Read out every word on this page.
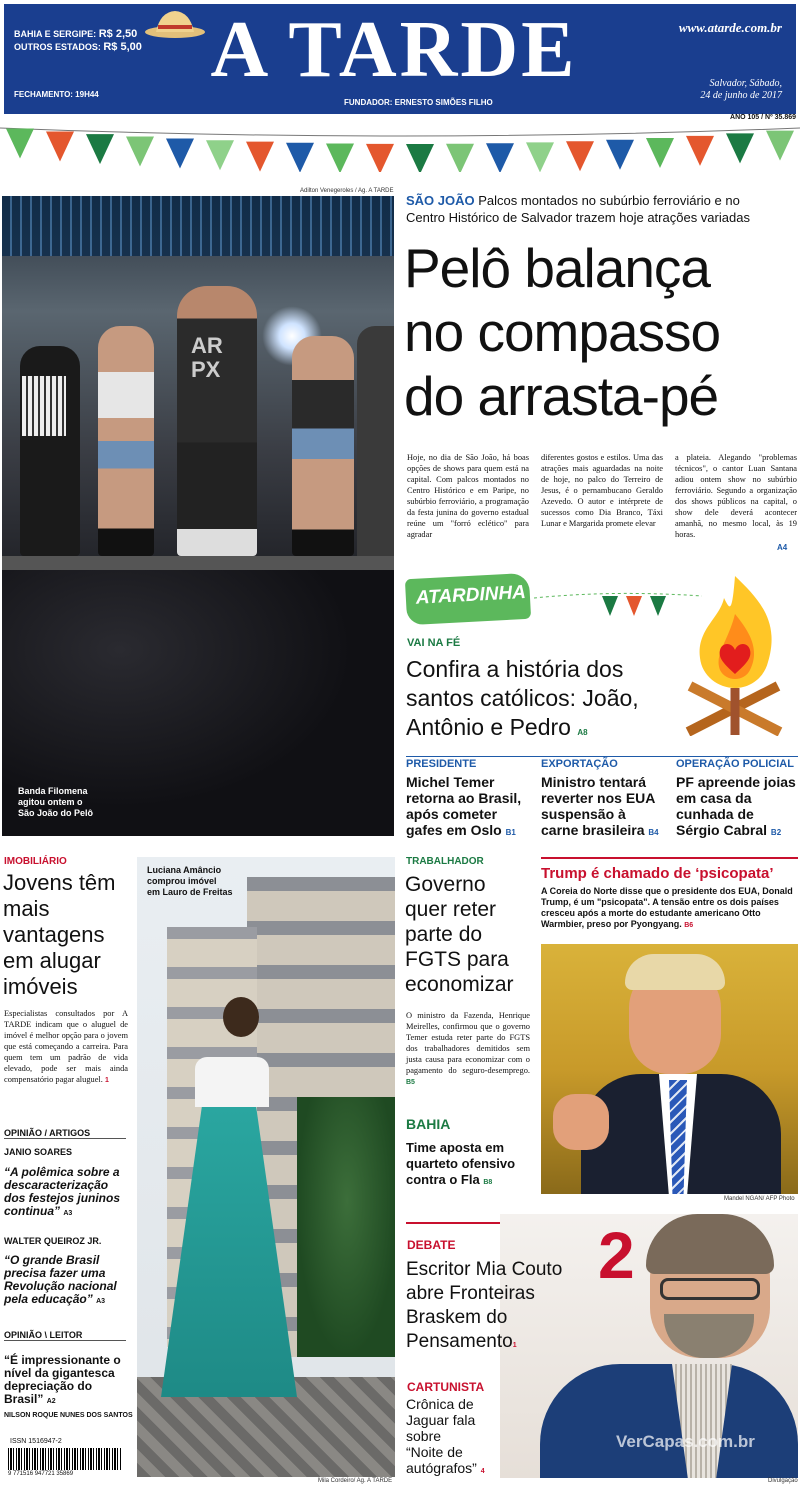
BAHIA E SERGIPE: R$ 2,50
OUTROS ESTADOS: R$ 5,00 A TARDE	www.atarde.com.br
FECHAMENTO: 19H44
FUNDADOR: ERNESTO SIMÕES FILHO
Salvador, Sábado,
24 de junho de 2017
ANO 105 / Nº 35.869
Adilton Venegeroles / Ag. A TARDE
AR
PX
Banda Filomena
agitou ontem o
São João do Pelô
SÃO JOÃO Palcos montados no subúrbio ferroviário e no
Centro Histórico de Salvador trazem hoje atrações variadas
Pelô balança
no compasso
do arrasta-pé
Hoje, no dia de São João, há boas opções de shows para quem está na capital. Com palcos montados no Centro Histórico e em Paripe, no subúrbio ferroviário, a programação da festa junina do governo estadual reúne um "forró eclético" para agradar
diferentes gostos e estilos. Uma das atrações mais aguardadas na noite de hoje, no palco do Terreiro de Jesus, é o pernambucano Geraldo Azevedo. O autor e intérprete de sucessos como Dia Branco, Táxi Lunar e Margarida promete elevar
a plateia. Alegando "problemas técnicos", o cantor Luan Santana adiou ontem show no subúrbio ferroviário. Segundo a organização dos shows públicos na capital, o show dele deverá acontecer amanhã, no mesmo local, às 19 horas.
A4
ATARDINHA
VAI NA FÉ
Confira a história dos
santos católicos: João,
Antônio e Pedro A8
PRESIDENTE
Michel Temer
retorna ao Brasil,
após cometer
gafes em Oslo B1
EXPORTAÇÃO
Ministro tentará
reverter nos EUA
suspensão à
carne brasileira B4
OPERAÇÃO POLICIAL
PF apreende joias
em casa da
cunhada de
Sérgio Cabral B2
IMOBILIÁRIO
Jovens têm
mais
vantagens
em alugar
imóveis
Especialistas consultados por A TARDE indicam que o aluguel de imóvel é melhor opção para o jovem que está começando a carreira. Para quem tem um padrão de vida elevado, pode ser mais ainda compensatório pagar aluguel. 1
Luciana Amâncio
comprou imóvel
em Lauro de Freitas
Mila Cordeiro/ Ag. A TARDE
OPINIÃO / ARTIGOS
JANIO SOARES
“A polêmica sobre a
descaracterização
dos festejos juninos
continua” A3
WALTER QUEIROZ JR.
“O grande Brasil
precisa fazer uma
Revolução nacional
pela educação” A3
OPINIÃO \ LEITOR
“É impressionante o
nível da gigantesca
depreciação do
Brasil” A2
NILSON ROQUE NUNES DOS SANTOS
ISSN 1516947-2
9 771516 947721 35869
TRABALHADOR
Governo
quer reter
parte do
FGTS para
economizar
O ministro da Fazenda, Henrique Meirelles, confirmou que o governo Temer estuda reter parte do FGTS dos trabalhadores demitidos sem justa causa para economizar com o pagamento do seguro-desemprego. B5
BAHIA
Time aposta em
quarteto ofensivo
contra o Fla B8
Trump é chamado de ‘psicopata’
A Coreia do Norte disse que o presidente dos EUA, Donald Trump, é um "psicopata". A tensão entre os dois países cresceu após a morte do estudante americano Otto Warmbier, preso por Pyongyang. B6
Mandel NGAN/ AFP Photo
2
DEBATE
Escritor Mia Couto
abre Fronteiras
Braskem do
Pensamento1
CARTUNISTA
Crônica de
Jaguar fala
sobre
“Noite de
autógrafos” 4
VerCapas.com.br
Divulgação
